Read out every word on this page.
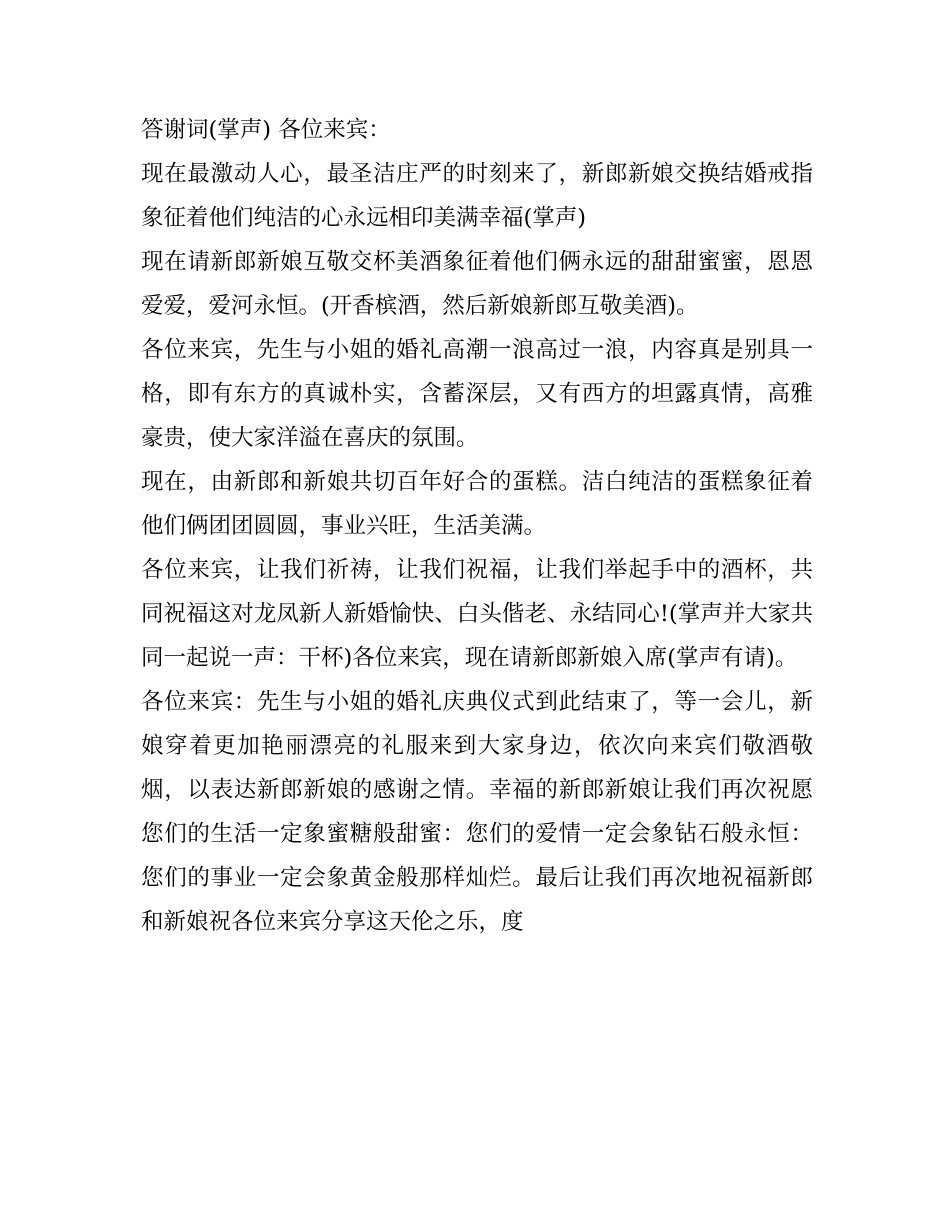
答谢词(掌声) 各位来宾：

现在最激动人心，最圣洁庄严的时刻来了，新郎新娘交换结婚戒指象征着他们纯洁的心永远相印美满幸福(掌声)

现在请新郎新娘互敬交杯美酒象征着他们俩永远的甜甜蜜蜜，恩恩爱爱，爱河永恒。(开香槟酒，然后新娘新郎互敬美酒)。

各位来宾，先生与小姐的婚礼高潮一浪高过一浪，内容真是别具一格，即有东方的真诚朴实，含蓄深层，又有西方的坦露真情，高雅豪贵，使大家洋溢在喜庆的氛围。

现在，由新郎和新娘共切百年好合的蛋糕。洁白纯洁的蛋糕象征着他们俩团团圆圆，事业兴旺，生活美满。

各位来宾，让我们祈祷，让我们祝福，让我们举起手中的酒杯，共同祝福这对龙凤新人新婚愉快、白头偕老、永结同心!(掌声并大家共同一起说一声：干杯)各位来宾，现在请新郎新娘入席(掌声有请)。

各位来宾：先生与小姐的婚礼庆典仪式到此结束了，等一会儿，新娘穿着更加艳丽漂亮的礼服来到大家身边，依次向来宾们敬酒敬烟，以表达新郎新娘的感谢之情。幸福的新郎新娘让我们再次祝愿您们的生活一定象蜜糖般甜蜜：您们的爱情一定会象钻石般永恒：您们的事业一定会象黄金般那样灿烂。最后让我们再次地祝福新郎和新娘祝各位来宾分享这天伦之乐，度
